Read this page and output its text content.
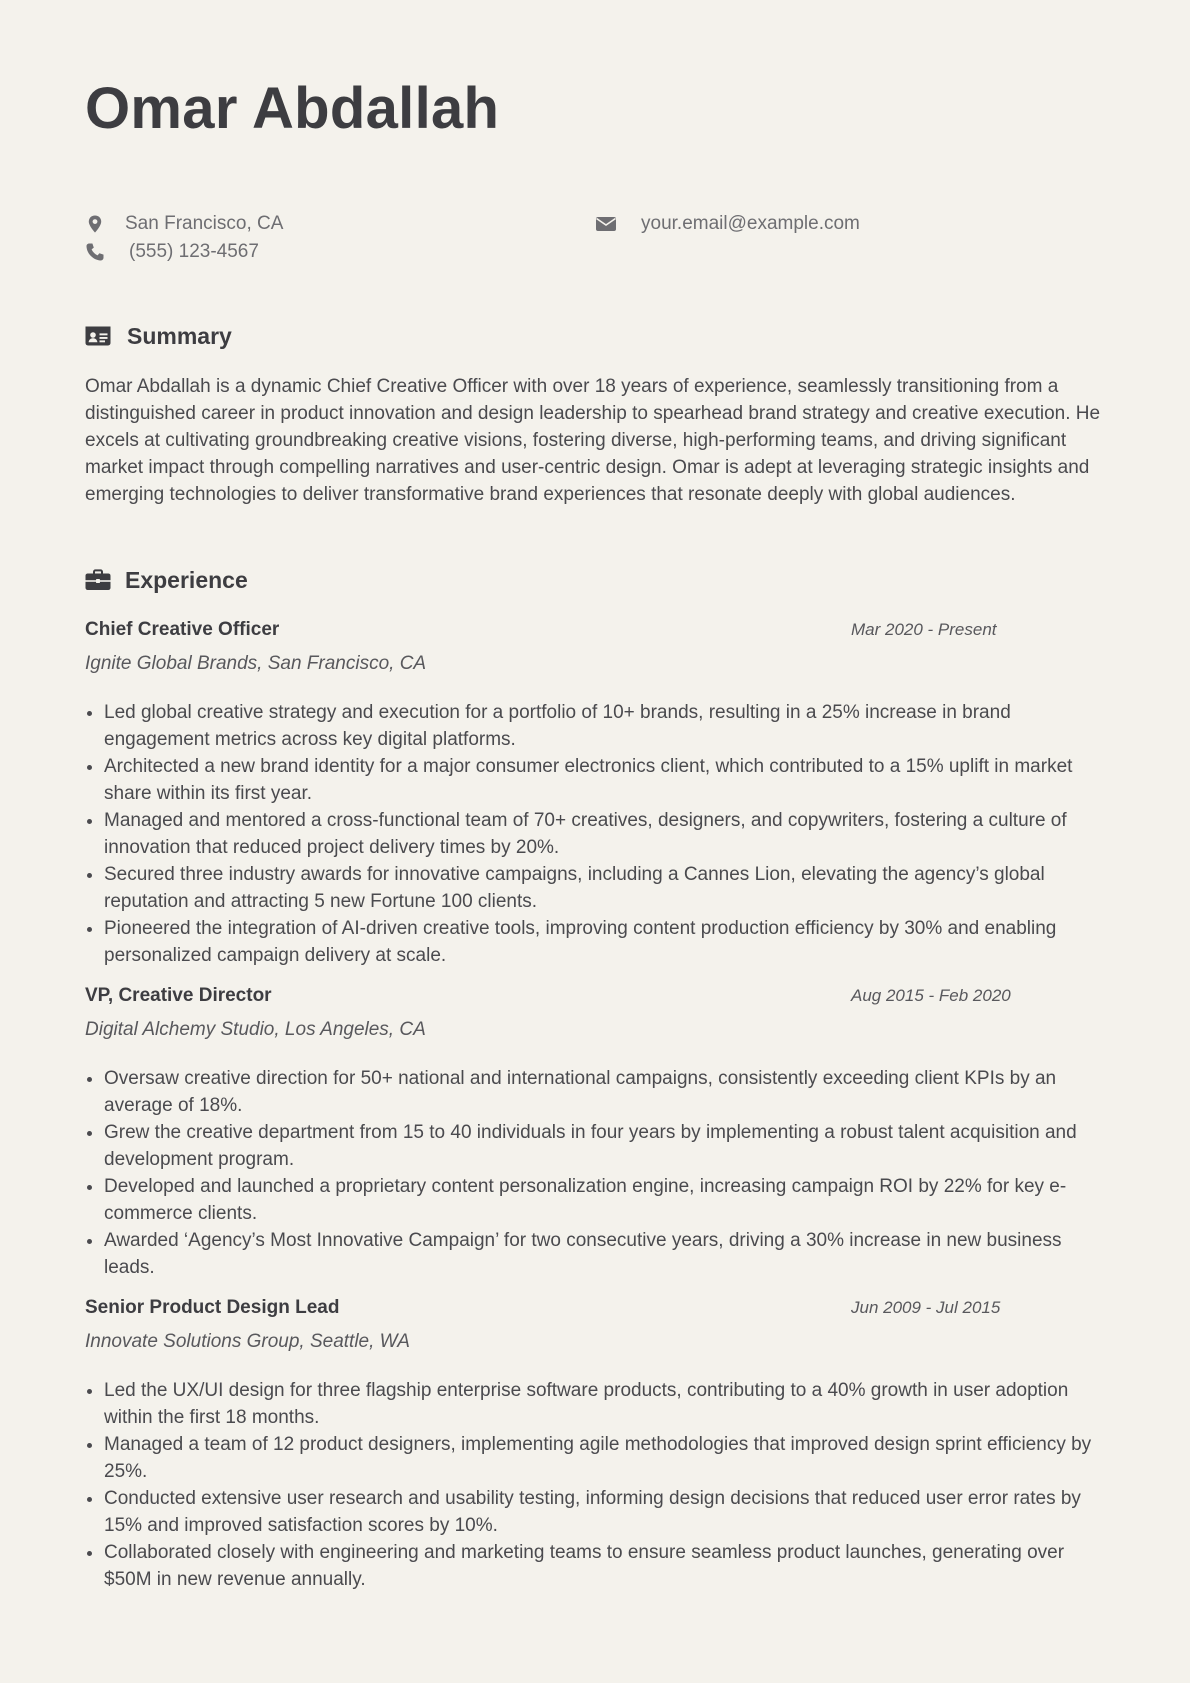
Omar Abdallah
San Francisco, CA	your.email@example.com
(555) 123-4567
Summary

Omar Abdallah is a dynamic Chief Creative Officer with over 18 years of experience, seamlessly transitioning from a distinguished career in product innovation and design leadership to spearhead brand strategy and creative execution. He excels at cultivating groundbreaking creative visions, fostering diverse, high-performing teams, and driving significant market impact through compelling narratives and user-centric design. Omar is adept at leveraging strategic insights and emerging technologies to deliver transformative brand experiences that resonate deeply with global audiences.

Experience
Chief Creative Officer	Mar 2020 - Present
Ignite Global Brands, San Francisco, CA
Led global creative strategy and execution for a portfolio of 10+ brands, resulting in a 25% increase in brand engagement metrics across key digital platforms.
Architected a new brand identity for a major consumer electronics client, which contributed to a 15% uplift in market share within its first year.
Managed and mentored a cross-functional team of 70+ creatives, designers, and copywriters, fostering a culture of innovation that reduced project delivery times by 20%.
Secured three industry awards for innovative campaigns, including a Cannes Lion, elevating the agency’s global reputation and attracting 5 new Fortune 100 clients.
Pioneered the integration of AI-driven creative tools, improving content production efficiency by 30% and enabling personalized campaign delivery at scale.
VP, Creative Director	Aug 2015 - Feb 2020
Digital Alchemy Studio, Los Angeles, CA
Oversaw creative direction for 50+ national and international campaigns, consistently exceeding client KPIs by an average of 18%.
Grew the creative department from 15 to 40 individuals in four years by implementing a robust talent acquisition and development program.
Developed and launched a proprietary content personalization engine, increasing campaign ROI by 22% for key e-commerce clients.
Awarded ‘Agency’s Most Innovative Campaign’ for two consecutive years, driving a 30% increase in new business leads.
Senior Product Design Lead	Jun 2009 - Jul 2015
Innovate Solutions Group, Seattle, WA
Led the UX/UI design for three flagship enterprise software products, contributing to a 40% growth in user adoption within the first 18 months.
Managed a team of 12 product designers, implementing agile methodologies that improved design sprint efficiency by 25%.
Conducted extensive user research and usability testing, informing design decisions that reduced user error rates by 15% and improved satisfaction scores by 10%.
Collaborated closely with engineering and marketing teams to ensure seamless product launches, generating over $50M in new revenue annually.
